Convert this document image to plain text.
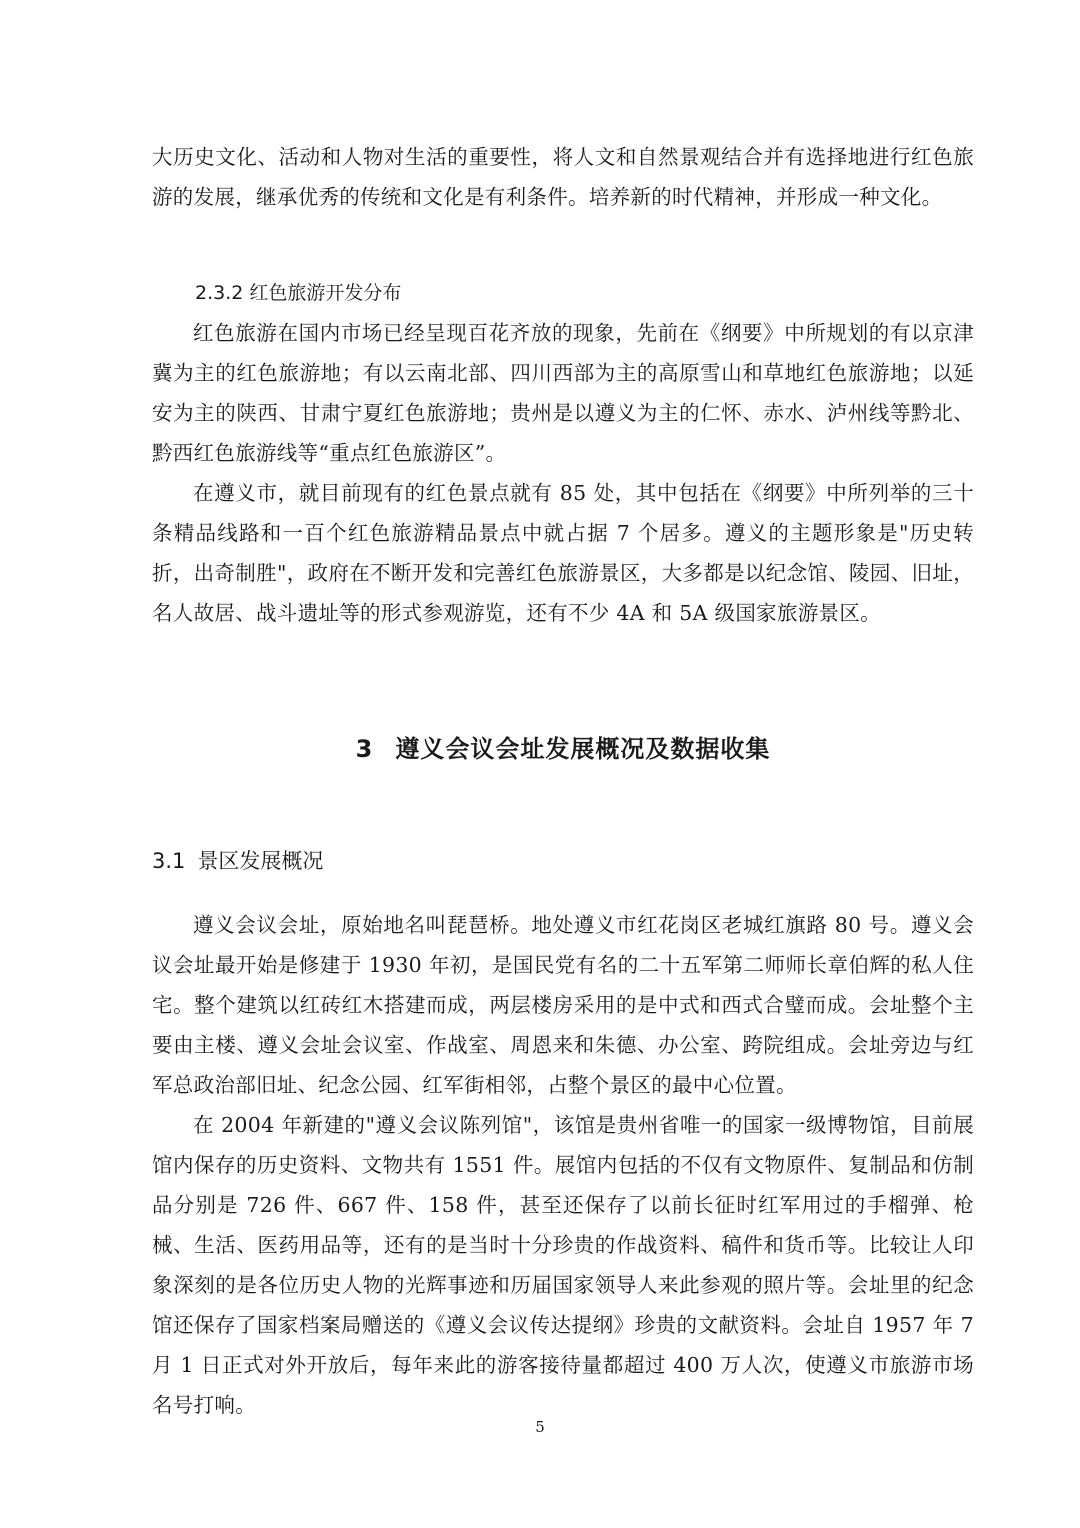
大历史文化、活动和人物对生活的重要性，将人文和自然景观结合并有选择地进行红色旅游的发展，继承优秀的传统和文化是有利条件。培养新的时代精神，并形成一种文化。

2.3.2 红色旅游开发分布

红色旅游在国内市场已经呈现百花齐放的现象，先前在《纲要》中所规划的有以京津冀为主的红色旅游地；有以云南北部、四川西部为主的高原雪山和草地红色旅游地；以延安为主的陕西、甘肃宁夏红色旅游地；贵州是以遵义为主的仁怀、赤水、泸州线等黔北、黔西红色旅游线等“重点红色旅游区”。

在遵义市，就目前现有的红色景点就有 85 处，其中包括在《纲要》中所列举的三十条精品线路和一百个红色旅游精品景点中就占据 7 个居多。遵义的主题形象是"历史转折，出奇制胜"，政府在不断开发和完善红色旅游景区，大多都是以纪念馆、陵园、旧址，名人故居、战斗遗址等的形式参观游览，还有不少 4A 和 5A 级国家旅游景区。

3 遵义会议会址发展概况及数据收集
3.1 景区发展概况

遵义会议会址，原始地名叫琵琶桥。地处遵义市红花岗区老城红旗路 80 号。遵义会议会址最开始是修建于 1930 年初，是国民党有名的二十五军第二师师长章伯辉的私人住宅。整个建筑以红砖红木搭建而成，两层楼房采用的是中式和西式合璧而成。会址整个主要由主楼、遵义会址会议室、作战室、周恩来和朱德、办公室、跨院组成。会址旁边与红军总政治部旧址、纪念公园、红军街相邻，占整个景区的最中心位置。

在 2004 年新建的"遵义会议陈列馆"，该馆是贵州省唯一的国家一级博物馆，目前展馆内保存的历史资料、文物共有 1551 件。展馆内包括的不仅有文物原件、复制品和仿制品分别是 726 件、667 件、158 件，甚至还保存了以前长征时红军用过的手榴弹、枪械、生活、医药用品等，还有的是当时十分珍贵的作战资料、稿件和货币等。比较让人印象深刻的是各位历史人物的光辉事迹和历届国家领导人来此参观的照片等。会址里的纪念馆还保存了国家档案局赠送的《遵义会议传达提纲》珍贵的文献资料。会址自 1957 年 7 月 1 日正式对外开放后，每年来此的游客接待量都超过 400 万人次，使遵义市旅游市场名号打响。

5
